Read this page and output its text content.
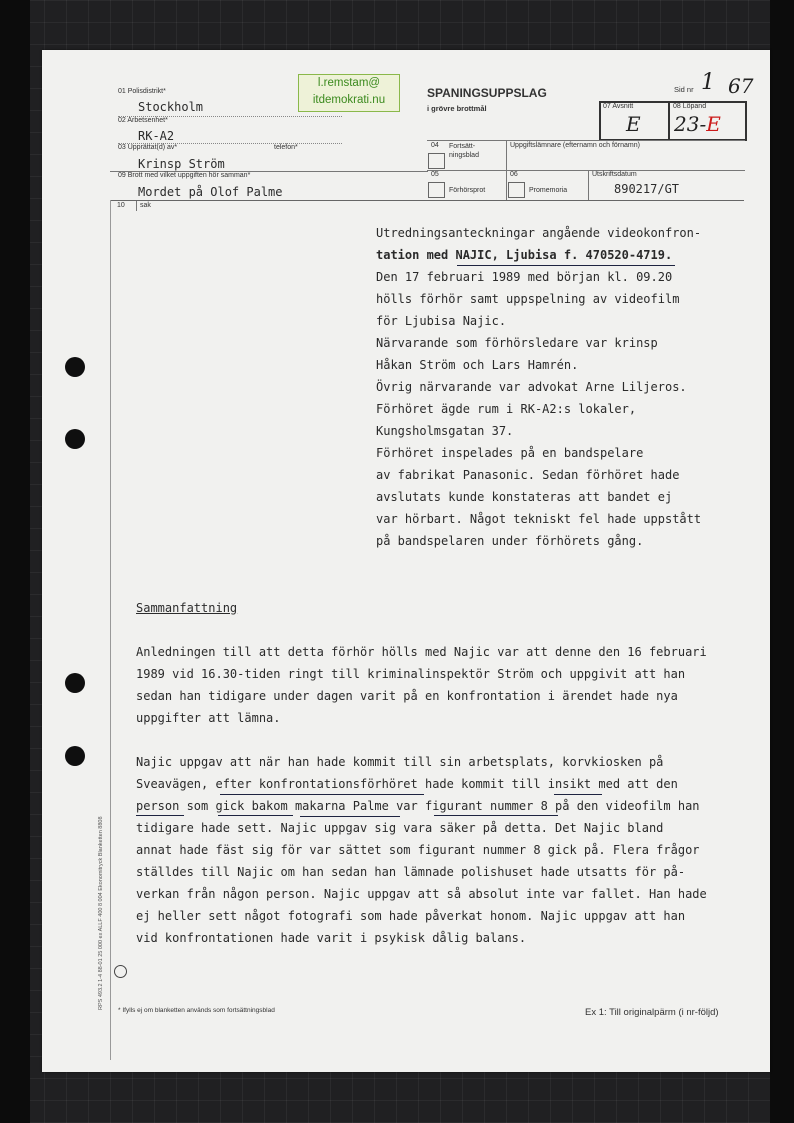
01 Polisdistrikt*
Stockholm
02 Arbetsenhet*
RK-A2
03 Upprättat(d) av*	telefon*
Krinsp Ström
09 Brott med vilket uppgiften hör samman*
Mordet på Olof Palme
10 sak
l.remstam@
itdemokrati.nu	SPANINGSUPPSLAG
i grövre brottmål
Sid nr 1 67
07 Avsnitt	08 Löpand
E 23-E
04 Fortsätt-
ningsblad
Uppgiftslämnare (efternamn och förnamn)
05
Förhörsprot
06
Promemoria
Utskriftsdatum
890217/GT
Utredningsanteckningar angående videokonfron-
tation med NAJIC, Ljubisa f. 470520-4719.
Den 17 februari 1989 med början kl. 09.20
hölls förhör samt uppspelning av videofilm
för Ljubisa Najic.
Närvarande som förhörsledare var krinsp
Håkan Ström och Lars Hamrén.
Övrig närvarande var advokat Arne Liljeros.
Förhöret ägde rum i RK-A2:s lokaler,
Kungsholmsgatan 37.
Förhöret inspelades på en bandspelare
av fabrikat Panasonic. Sedan förhöret hade
avslutats kunde konstateras att bandet ej
var hörbart. Något tekniskt fel hade uppstått
på bandspelaren under förhörets gång.
Sammanfattning
Anledningen till att detta förhör hölls med Najic var att denne den 16 februari
1989 vid 16.30-tiden ringt till kriminalinspektör Ström och uppgivit att han
sedan han tidigare under dagen varit på en konfrontation i ärendet hade nya
uppgifter att lämna.
Najic uppgav att när han hade kommit till sin arbetsplats, korvkiosken på
Sveavägen, efter konfrontationsförhöret hade kommit till insikt med att den
person som gick bakom makarna Palme var figurant nummer 8 på den videofilm han
tidigare hade sett. Najic uppgav sig vara säker på detta. Det Najic bland
annat hade fäst sig för var sättet som figurant nummer 8 gick på. Flera frågor
ställdes till Najic om han sedan han lämnade polishuset hade utsatts för på-
verkan från någon person. Najic uppgav att så absolut inte var fallet. Han hade
ej heller sett något fotografi som hade påverkat honom. Najic uppgav att han
vid konfrontationen hade varit i psykisk dålig balans.
RPS 493.2 1-4 88-01 25 000 ex ALLF 400 8 004 Ekonomitryck Blanketten 8808
* Ifylls ej om blanketten används som fortsättningsblad	Ex 1: Till originalpärm (i nr-följd)
